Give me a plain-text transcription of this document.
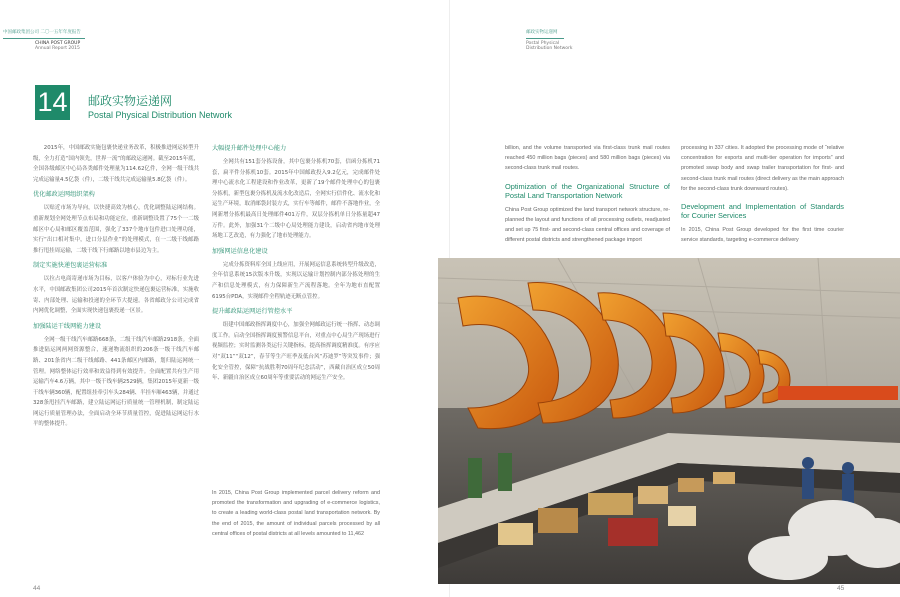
中国邮政集团公司 二〇一五年年度报告
CHINA POST GROUP
Annual Report 2015
14 邮政实物运递网
Postal Physical Distribution Network

2015年，中国邮政实施包裹快递业务改革，积极推进网运转型升级，全力打造“国内领先，世界一流”的邮政运递网。截至2015年底，全国各级邮区中心局各类邮件处理量为114.62亿件，全网一级干线共完成运输量4.5亿袋（件），二级干线共完成运输量5.8亿袋（件）。

优化邮政运网组织架构

以贴近市场为导向，以快捷高效为核心，优化调整陆运网结构。重新规划全网处理节点布局和功能定位，重新调整设置了75个一二级邮区中心局和邮区覆盖范围，强化了337个地市包件进口处理功能，实行“出口相对集中，进口分层作业”的处理模式，在一二级干线邮路推行甩挂周运输，二级干线下行邮路以地市县边为主。

制定实施快递包裹运营标准

以拉占电商寄递市场为目标，以客户体验为中心，对标行业先进水平，中国邮政集团公司2015年首次制定快递包裹运营标准，实施收寄、内部处理、运输和投递的全环节大提速。各省邮政分公司完成省内网优化调整，全面实现快递包裹投递一区景。

加强陆运干线网能力建设

全网一级干线汽车邮路668条，二级干线汽车邮路2918条。全面推进陆运网两网资源整合，速递物流组织的206条一级干线汽车邮路、201条省内二级干线邮路、441条邮区内邮路，划归陆运网统一管理。网络整体运行效率和效益得到有效提升。全面配置共有生产用运输汽车4.6万辆，其中一级干线车辆2529辆，集团2015年更新一级干线车辆360辆，配置组挂牵引车头284辆、半挂车厢463辆，并通过328条甩挂汽车邮路，建立陆运网运行质量统一管理机制，制定陆运网运行质量管理办法，全面启动全环节质量管控，促进陆运网运行水平的整体提升。

大幅提升邮件处理中心能力

全网共有151套分拣设备，其中包裹分拣机70套，信函分拣机71套，扁平件分拣机10套。2015年中国邮政投入9.2亿元，完成邮件处理中心流水化工程建设和作业改革，更新了19个邮件处理中心的包裹分拣机，新型包裹分拣机及流水化改造后，全网实行信件化、流水化和运生产环境，取消邮袋封装方式，实行车等邮件，邮件不落地作业，全网新增分拣机最高日处理邮件401万件，双层分拣机单日分拣量超47万件。此外，加强31个二级中心局处理能力建设，启动省内地市处理场地工艺改造，有力强化了地市处理能力。

加强网运信息化建设

完成分拣资料库全国上线应用，开展网运信息系统转型升级改造，全年信息系统15次版本升级，实现以运输计划控制内部分拣处理的生产和信息处理模式，有力保障新生产流程落地。全年为地市直配置6195台PDA，实现邮件全程轨迹无断点管控。

提升邮政陆运网运行管控水平

组建中国邮政指挥调度中心，加强全网邮政运行统一指挥、动态调度工作。启动全国指挥调度预警信息平台，对重点中心局生产现场进行视频监控；实时监测各类运行关键指标，提高指挥调度精准度。有序应对“双11”“双12”，春节等生产旺季及低台风“苏迪罗”等突发事件；强化安全管控，保障“抗战胜利70周年纪念活动”，西藏自治区成立50周年、新疆自治区成立60周年等重要活动的网运生产安全。

In 2015, China Post Group implemented parcel delivery reform and promoted the transformation and upgrading of e-commerce logistics, to create a leading world-class postal land transportation network. By the end of 2015, the amount of individual parcels processed by all central offices of postal districts at all levels amounted to 11,462
44
邮政实物运递网
Postal Physical
Distribution Network
billion, and the volume transported via first-class trunk mail routes reached 450 million bags (pieces) and 580 million bags (pieces) via second-class trunk mail routes.
Optimization of the Organizational Structure of Postal Land Transportation Network
China Post Group optimized the land transport network structure, re-planned the layout and functions of all processing outlets, readjusted and set up 75 first- and second-class central offices and coverage of different postal districts and strengthened package import
processing in 337 cities. It adopted the processing mode of “relative concentration for exports and multi-tier operation for imports” and promoted swap body and swap trailer transportation for first- and second-class trunk mail routes (direct delivery as the main approach for the second-class trunk downward routes).
Development and Implementation of Standards for Courier Services
In 2015, China Post Group developed for the first time courier service standards, targeting e-commerce delivery
45
